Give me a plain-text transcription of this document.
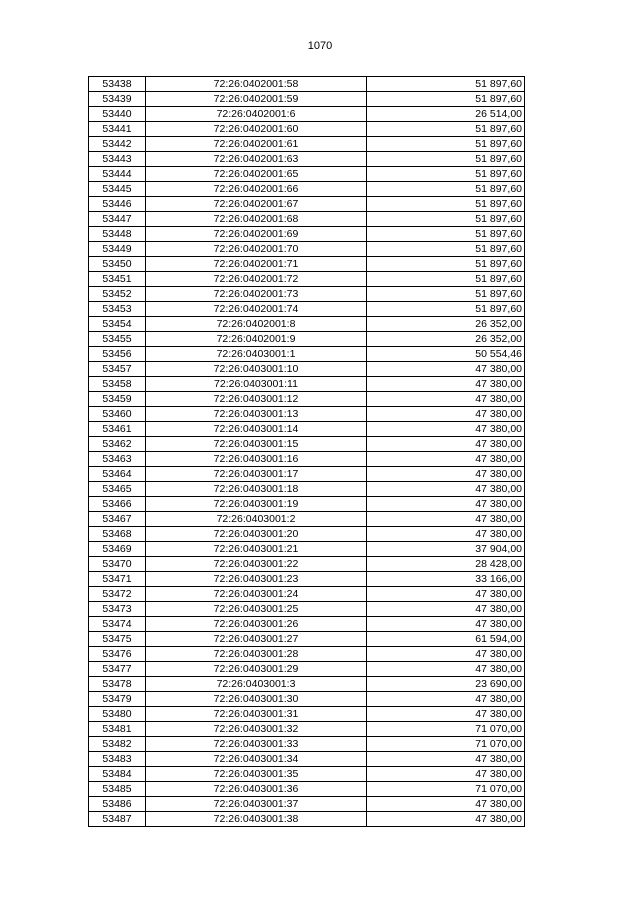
1070
53438	72:26:0402001:58	51 897,60
53439	72:26:0402001:59	51 897,60
53440	72:26:0402001:6	26 514,00
53441	72:26:0402001:60	51 897,60
53442	72:26:0402001:61	51 897,60
53443	72:26:0402001:63	51 897,60
53444	72:26:0402001:65	51 897,60
53445	72:26:0402001:66	51 897,60
53446	72:26:0402001:67	51 897,60
53447	72:26:0402001:68	51 897,60
53448	72:26:0402001:69	51 897,60
53449	72:26:0402001:70	51 897,60
53450	72:26:0402001:71	51 897,60
53451	72:26:0402001:72	51 897,60
53452	72:26:0402001:73	51 897,60
53453	72:26:0402001:74	51 897,60
53454	72:26:0402001:8	26 352,00
53455	72:26:0402001:9	26 352,00
53456	72:26:0403001:1	50 554,46
53457	72:26:0403001:10	47 380,00
53458	72:26:0403001:11	47 380,00
53459	72:26:0403001:12	47 380,00
53460	72:26:0403001:13	47 380,00
53461	72:26:0403001:14	47 380,00
53462	72:26:0403001:15	47 380,00
53463	72:26:0403001:16	47 380,00
53464	72:26:0403001:17	47 380,00
53465	72:26:0403001:18	47 380,00
53466	72:26:0403001:19	47 380,00
53467	72:26:0403001:2	47 380,00
53468	72:26:0403001:20	47 380,00
53469	72:26:0403001:21	37 904,00
53470	72:26:0403001:22	28 428,00
53471	72:26:0403001:23	33 166,00
53472	72:26:0403001:24	47 380,00
53473	72:26:0403001:25	47 380,00
53474	72:26:0403001:26	47 380,00
53475	72:26:0403001:27	61 594,00
53476	72:26:0403001:28	47 380,00
53477	72:26:0403001:29	47 380,00
53478	72:26:0403001:3	23 690,00
53479	72:26:0403001:30	47 380,00
53480	72:26:0403001:31	47 380,00
53481	72:26:0403001:32	71 070,00
53482	72:26:0403001:33	71 070,00
53483	72:26:0403001:34	47 380,00
53484	72:26:0403001:35	47 380,00
53485	72:26:0403001:36	71 070,00
53486	72:26:0403001:37	47 380,00
53487	72:26:0403001:38	47 380,00
